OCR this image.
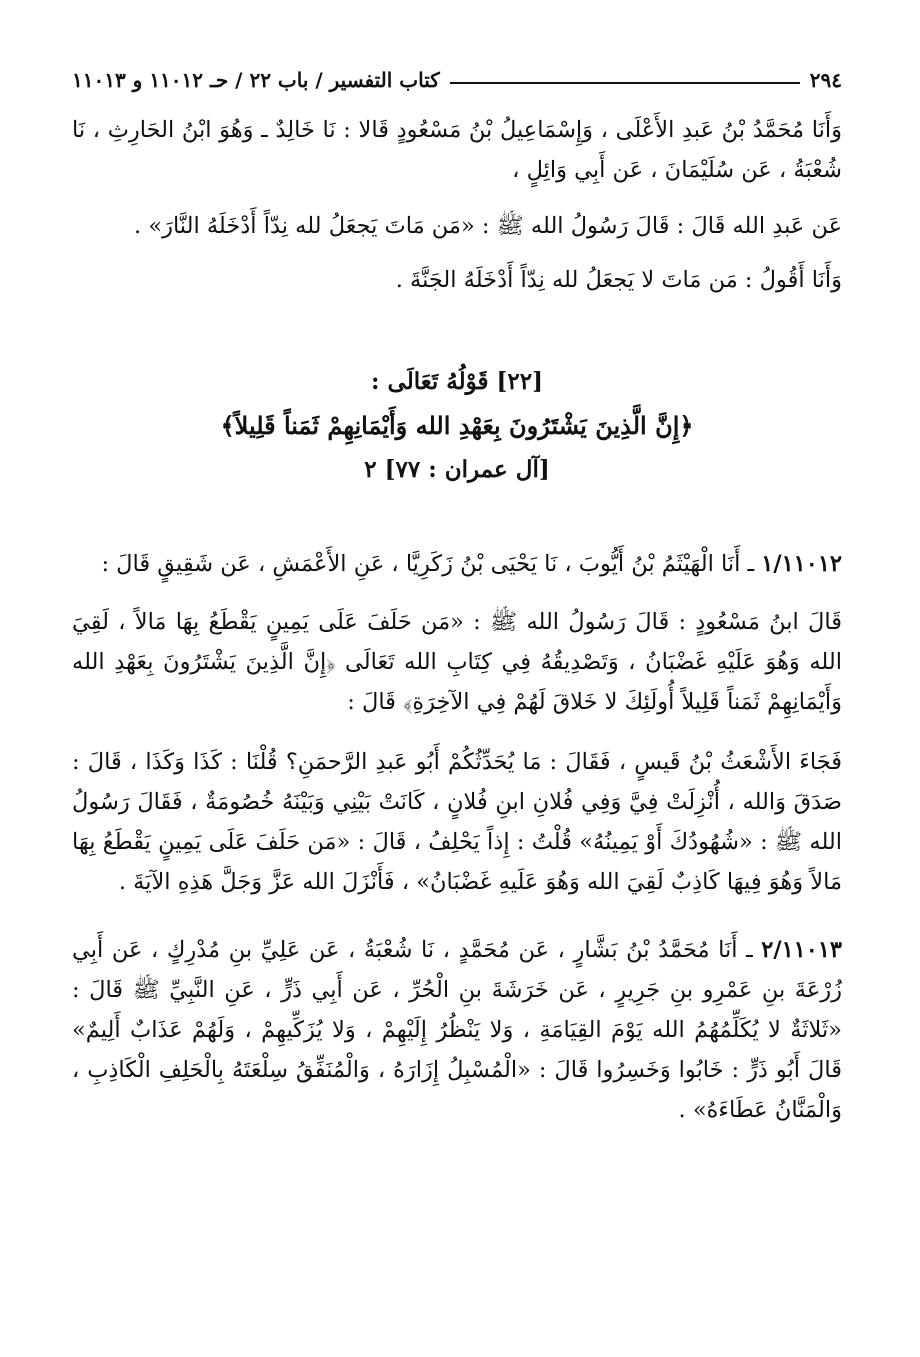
٢٩٤
كتاب التفسير / باب ٢٢ / حـ ١١٠١٢ و ١١٠١٣

وَأَنَا مُحَمَّدُ بْنُ عَبدِ الأَعْلَى ، وَإِسْمَاعِيلُ بْنُ مَسْعُودٍ قَالا : نَا خَالِدٌ ـ وَهُوَ ابْنُ الحَارِثِ ، نَا شُعْبَةُ ، عَن سُلَيْمَانَ ، عَن أَبِي وَائِلٍ ،

عَن عَبدِ الله قَالَ : قَالَ رَسُولُ الله ﷺ : «مَن مَاتَ يَجعَلُ لله نِدّاً أَدْخَلَهُ النَّارَ» .

وَأَنَا أَقُولُ : مَن مَاتَ لا يَجعَلُ لله نِدّاً أَدْخَلَهُ الجَنَّةَ .

[٢٢] قَوْلُهُ تَعَالَى :
﴿إِنَّ الَّذِينَ يَشْتَرُونَ بِعَهْدِ الله وَأَيْمَانِهِمْ ثَمَناً قَلِيلاً﴾
[آل عمران : ٧٧] ٢

١/١١٠١٢ ـ أَنَا الْهَيْثَمُ بْنُ أَيُّوبَ ، نَا يَحْيَى بْنُ زَكَرِيَّا ، عَنِ الأَعْمَشِ ، عَن شَقِيقٍ قَالَ :

قَالَ ابنُ مَسْعُودٍ : قَالَ رَسُولُ الله ﷺ : «مَن حَلَفَ عَلَى يَمِينٍ يَقْطَعُ بِهَا مَالاً ، لَقِيَ الله وَهُوَ عَلَيْهِ غَضْبَانُ ، وَتَصْدِيقُهُ فِي كِتَابِ الله تَعَالَى ﴿إِنَّ الَّذِينَ يَشْتَرُونَ بِعَهْدِ الله وَأَيْمَانِهِمْ ثَمَناً قَلِيلاً أُولَئِكَ لا خَلاقَ لَهُمْ فِي الآخِرَةِ﴾ قَالَ :

فَجَاءَ الأَشْعَثُ بْنُ قَيسٍ ، فَقَالَ : مَا يُحَدِّثُكُمْ أَبُو عَبدِ الرَّحمَنِ؟ قُلْنَا : كَذَا وَكَذَا ، قَالَ : صَدَقَ وَالله ، أُنْزِلَتْ فِيَّ وَفِي فُلانِ ابنِ فُلانٍ ، كَانَتْ بَيْنِي وَبَيْنَهُ خُصُومَةٌ ، فَقَالَ رَسُولُ الله ﷺ : «شُهُودُكَ أَوْ يَمِينُهُ» قُلْتُ : إِذاً يَحْلِفُ ، قَالَ : «مَن حَلَفَ عَلَى يَمِينٍ يَقْطَعُ بِهَا مَالاً وَهُوَ فِيهَا كَاذِبٌ لَقِيَ الله وَهُوَ عَلَيهِ غَضْبَانُ» ، فَأَنْزَلَ الله عَزَّ وَجَلَّ هَذِهِ الآيَةَ .

٢/١١٠١٣ ـ أَنَا مُحَمَّدُ بْنُ بَشَّارٍ ، عَن مُحَمَّدٍ ، نَا شُعْبَةُ ، عَن عَلِيِّ بنِ مُدْرِكٍ ، عَن أَبِي زُرْعَةَ بنِ عَمْرِو بنِ جَرِيرٍ ، عَن خَرَشَةَ بنِ الْحُرِّ ، عَن أَبِي ذَرٍّ ، عَنِ النَّبِيِّ ﷺ قَالَ : «ثَلاثَةٌ لا يُكَلِّمُهُمُ الله يَوْمَ القِيَامَةِ ، وَلا يَنْظُرُ إِلَيْهِمْ ، وَلا يُزَكِّيهِمْ ، وَلَهُمْ عَذَابٌ أَلِيمٌ» قَالَ أَبُو ذَرٍّ : خَابُوا وَخَسِرُوا قَالَ : «الْمُسْبِلُ إِزَارَهُ ، وَالْمُنَفِّقُ سِلْعَتَهُ بِالْحَلِفِ الْكَاذِبِ ، وَالْمَنَّانُ عَطَاءَهُ» .
